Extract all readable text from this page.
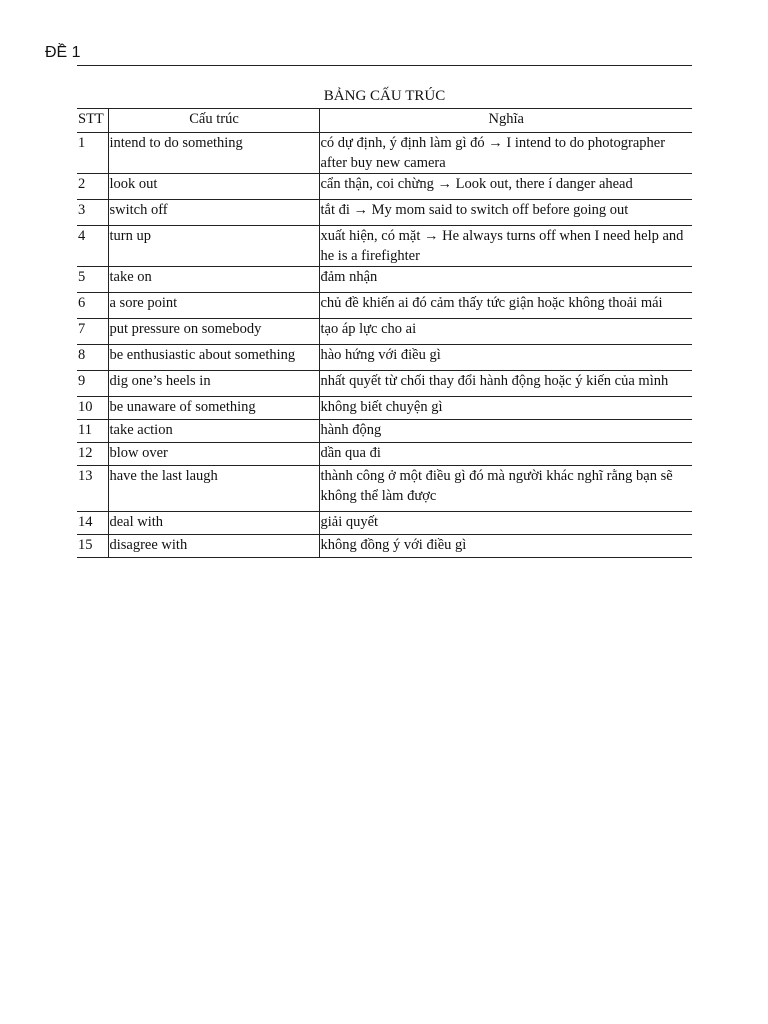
ĐỀ 1
BẢNG CẤU TRÚC
STT	Cấu trúc	Nghĩa
1	intend to do something	có dự định, ý định làm gì đó → I intend to do photographer after buy new camera
2	look out	cẩn thận, coi chừng → Look out, there í danger ahead
3	switch off	tắt đi → My mom said to switch off before going out
4	turn up	xuất hiện, có mặt → He always turns off when I need help and he is a firefighter
5	take on	đảm nhận
6	a sore point	chủ đề khiến ai đó cảm thấy tức giận hoặc không thoải mái
7	put pressure on somebody	tạo áp lực cho ai
8	be enthusiastic about something	hào hứng với điều gì
9	dig one’s heels in	nhất quyết từ chối thay đổi hành động hoặc ý kiến của mình
10	be unaware of something	không biết chuyện gì
11	take action	hành động
12	blow over	dần qua đi
13	have the last laugh	thành công ở một điều gì đó mà người khác nghĩ rằng bạn sẽ không thể làm được
14	deal with	giải quyết
15	disagree with	không đồng ý với điều gì
